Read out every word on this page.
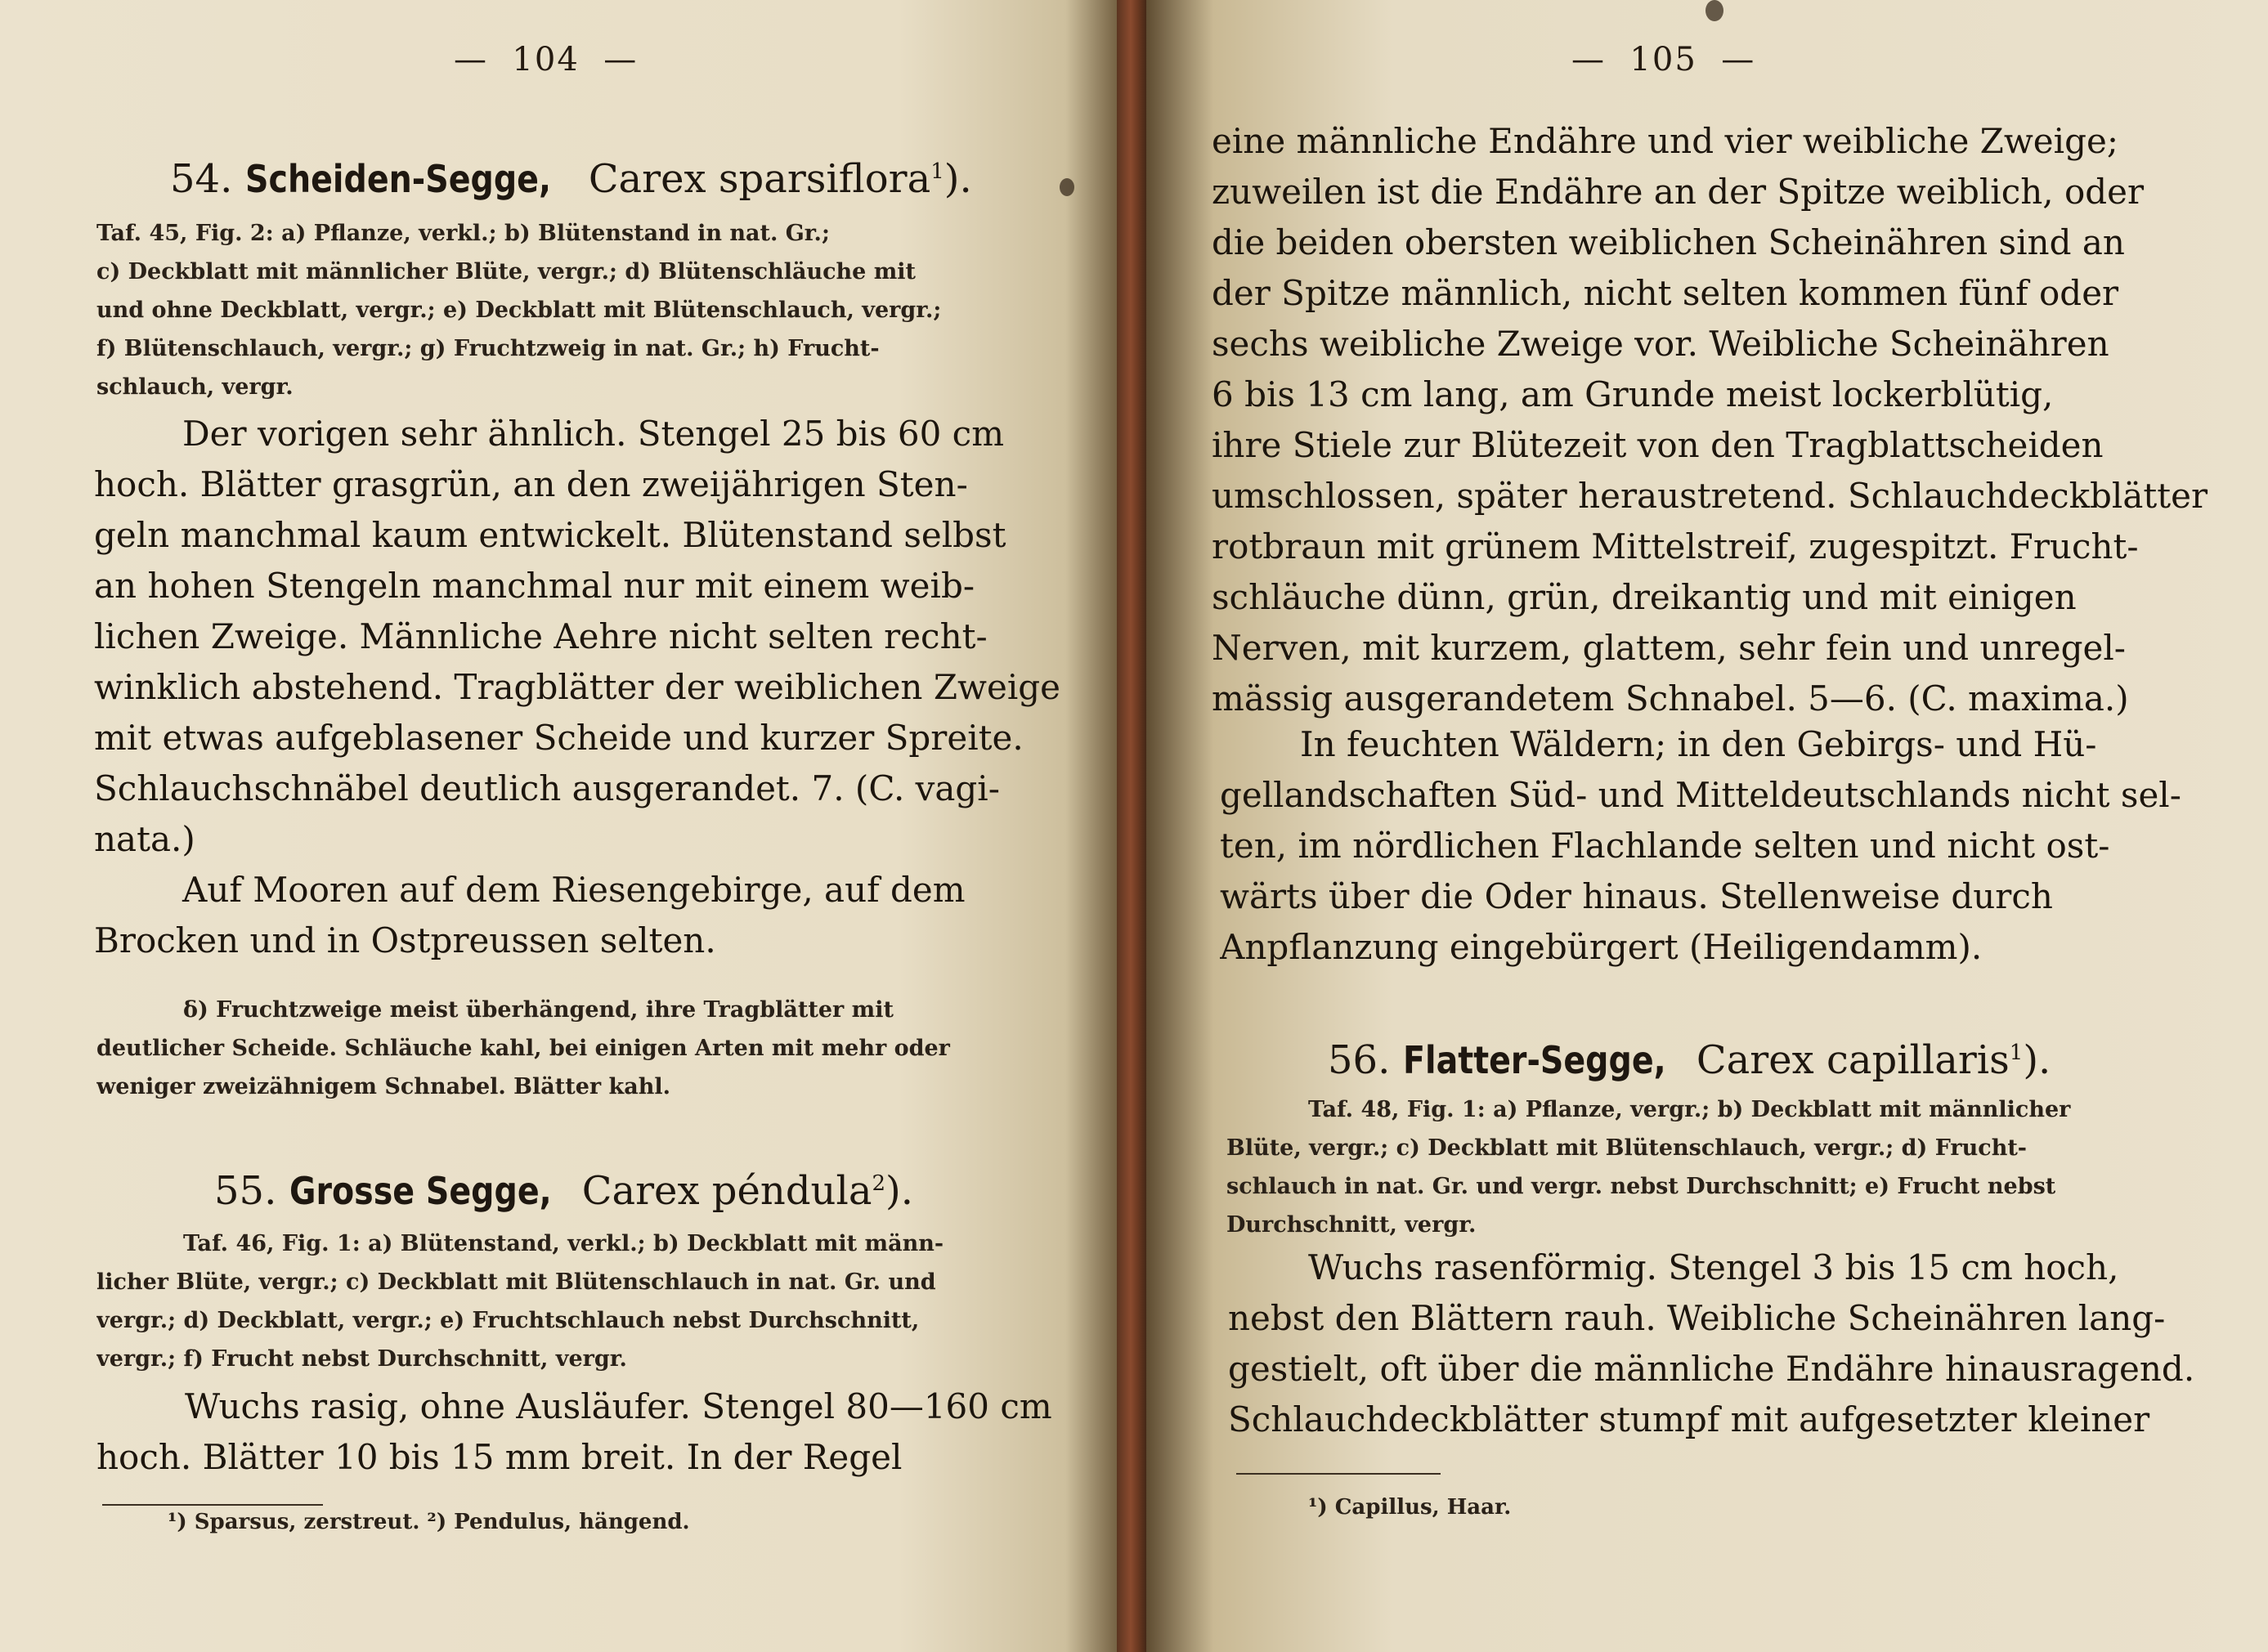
—  104  —
54. Scheiden-Segge, Carex sparsiflora$^1$).
Taf. 45, Fig. 2: a) Pflanze, verkl.; b) Blütenstand in nat. Gr.;
c) Deckblatt mit männlicher Blüte, vergr.; d) Blütenschläuche mit
und ohne Deckblatt, vergr.; e) Deckblatt mit Blütenschlauch, vergr.;
f) Blütenschlauch, vergr.; g) Fruchtzweig in nat. Gr.; h) Frucht-
schlauch, vergr.
Der vorigen sehr ähnlich. Stengel 25 bis 60 cm
hoch. Blätter grasgrün, an den zweijährigen Sten-
geln manchmal kaum entwickelt. Blütenstand selbst
an hohen Stengeln manchmal nur mit einem weib-
lichen Zweige. Männliche Aehre nicht selten recht-
winklich abstehend. Tragblätter der weiblichen Zweige
mit etwas aufgeblasener Scheide und kurzer Spreite.
Schlauchschnäbel deutlich ausgerandet. 7. (C. vagi-
nata.)
Auf Mooren auf dem Riesengebirge, auf dem
Brocken und in Ostpreussen selten.
δ) Fruchtzweige meist überhängend, ihre Tragblätter mit
deutlicher Scheide. Schläuche kahl, bei einigen Arten mit mehr oder
weniger zweizähnigem Schnabel. Blätter kahl.
55. Grosse Segge, Carex péndula$^2$).
Taf. 46, Fig. 1: a) Blütenstand, verkl.; b) Deckblatt mit männ-
licher Blüte, vergr.; c) Deckblatt mit Blütenschlauch in nat. Gr. und
vergr.; d) Deckblatt, vergr.; e) Fruchtschlauch nebst Durchschnitt,
vergr.; f) Frucht nebst Durchschnitt, vergr.
Wuchs rasig, ohne Ausläufer. Stengel 80—160 cm
hoch. Blätter 10 bis 15 mm breit. In der Regel
¹) Sparsus, zerstreut. ²) Pendulus, hängend.
—  105  —
eine männliche Endähre und vier weibliche Zweige;
zuweilen ist die Endähre an der Spitze weiblich, oder
die beiden obersten weiblichen Scheinähren sind an
der Spitze männlich, nicht selten kommen fünf oder
sechs weibliche Zweige vor. Weibliche Scheinähren
6 bis 13 cm lang, am Grunde meist lockerblütig,
ihre Stiele zur Blütezeit von den Tragblattscheiden
umschlossen, später heraustretend. Schlauchdeckblätter
rotbraun mit grünem Mittelstreif, zugespitzt. Frucht-
schläuche dünn, grün, dreikantig und mit einigen
Nerven, mit kurzem, glattem, sehr fein und unregel-
mässig ausgerandetem Schnabel. 5—6. (C. maxima.)
In feuchten Wäldern; in den Gebirgs- und Hü-
gellandschaften Süd- und Mitteldeutschlands nicht sel-
ten, im nördlichen Flachlande selten und nicht ost-
wärts über die Oder hinaus. Stellenweise durch
Anpflanzung eingebürgert (Heiligendamm).
56. Flatter-Segge, Carex capillaris$^1$).
Taf. 48, Fig. 1: a) Pflanze, vergr.; b) Deckblatt mit männlicher
Blüte, vergr.; c) Deckblatt mit Blütenschlauch, vergr.; d) Frucht-
schlauch in nat. Gr. und vergr. nebst Durchschnitt; e) Frucht nebst
Durchschnitt, vergr.
Wuchs rasenförmig. Stengel 3 bis 15 cm hoch,
nebst den Blättern rauh. Weibliche Scheinähren lang-
gestielt, oft über die männliche Endähre hinausragend.
Schlauchdeckblätter stumpf mit aufgesetzter kleiner
¹) Capillus, Haar.
